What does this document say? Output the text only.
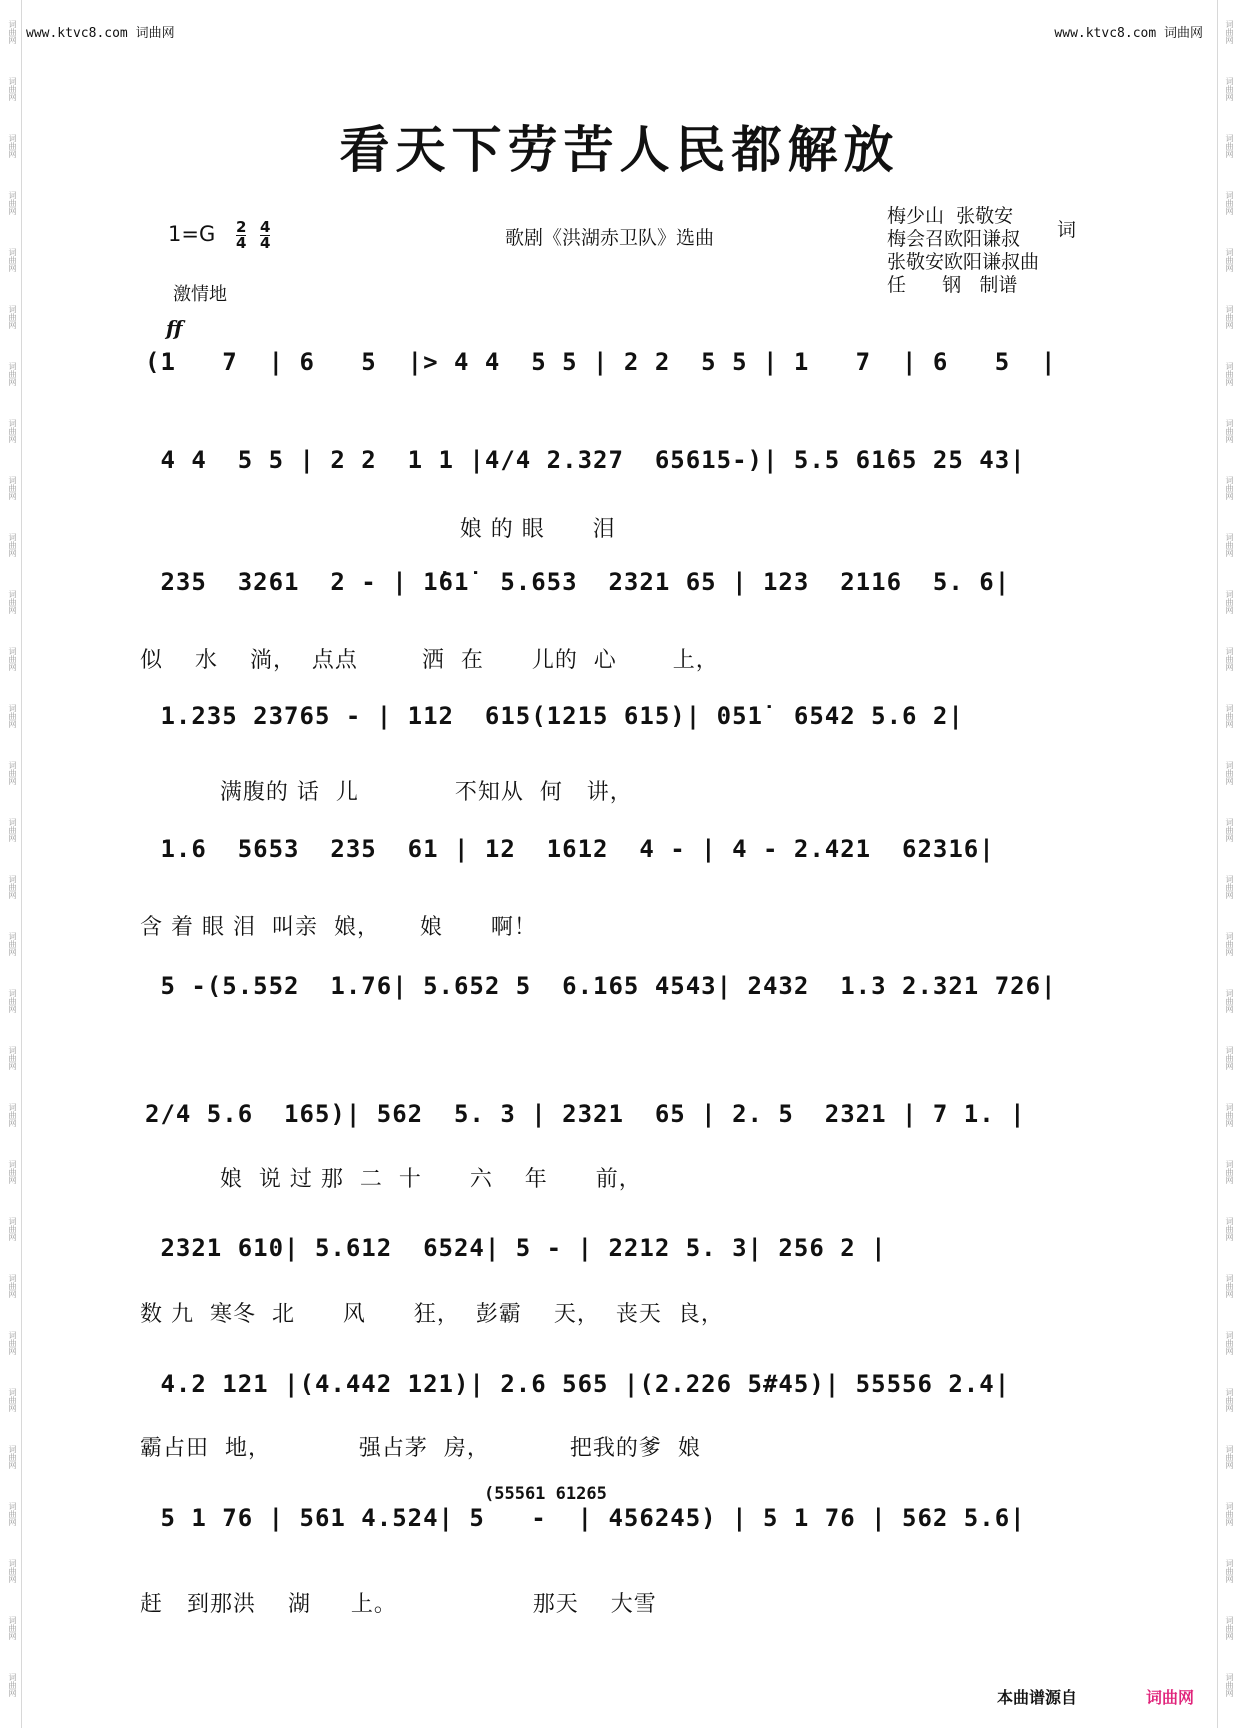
词曲网
词曲网
词曲网
词曲网
词曲网
词曲网
词曲网
词曲网
词曲网
词曲网
词曲网
词曲网
词曲网
词曲网
词曲网
词曲网
词曲网
词曲网
词曲网
词曲网
词曲网
词曲网
词曲网
词曲网
词曲网
词曲网
词曲网
词曲网
词曲网
词曲网
词曲网
词曲网
词曲网
词曲网
词曲网
词曲网
词曲网
词曲网
词曲网
词曲网
词曲网
词曲网
词曲网
词曲网
词曲网
词曲网
词曲网
词曲网
词曲网
词曲网
词曲网
词曲网
词曲网
词曲网
词曲网
词曲网
词曲网
词曲网
词曲网
词曲网
www.ktvc8.com 词曲网	www.ktvc8.com 词曲网
看天下劳苦人民都解放
1=G 2
4
4
4	歌剧《洪湖赤卫队》选曲
梅少山  张敬安
梅会召欧阳谦叔
张敬安欧阳谦叔曲
任      钢   制谱
词
激情地
ff
(1   7  | 6   5  |> 4 4  5 5 | 2 2  5 5 | 1   7  | 6   5  |
4 4  5 5 | 2 2  1 1 |4/4 2.327  65615-)| 5.5 61̇65 25 43|
娘 的 眼      泪
235  3261  2 - | 1̇61̇  5.653  2321 65 | 123  2116  5. 6|
似    水    淌，  点点        洒  在      儿的  心       上，
1.235 23765 - | 112  615(1215 615)| 051̇  6542 5.6 2|
满腹的 话  儿            不知从  何   讲，
1.6  5653  235  61 | 12  1612  4 - | 4 - 2.421  62316|
含 着 眼 泪  叫亲  娘，     娘      啊！
5 -(5.552  1.76| 5.652 5  6.165 4543| 2432  1.3 2.321 726|
2/4 5.6  165)| 562  5. 3 | 2321  65 | 2. 5  2321 | 7 1. |
娘  说 过 那  二  十      六    年      前，
2321 610| 5.612  6524| 5 - | 2212 5. 3| 256 2 |
数 九  寒冬  北      风      狂，  彭霸    天，  丧天  良，
4.2 121 |(4.442 121)| 2.6 565 |(2.226 5#45)| 55556 2.4|
霸占田  地，           强占茅  房，          把我的爹  娘
5 1 76 | 561 4.524| 5   -  | 456245) | 5 1 76 | 562 5.6|
赶   到那洪    湖     上。                 那天    大雪
(55561 61265
本曲谱源自	词曲网
